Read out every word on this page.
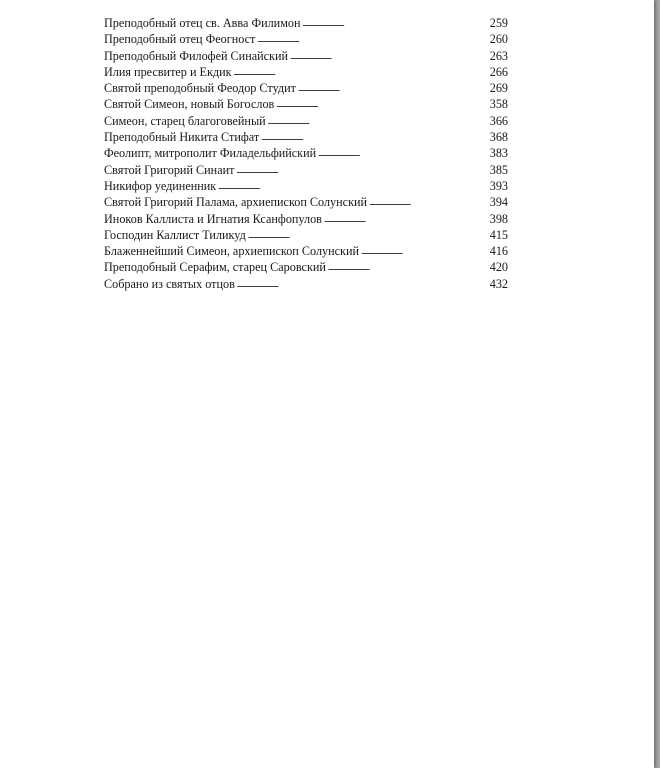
Преподобный отец св. Авва Филимон . . .	259
Преподобный отец Феогност . . .	260
Преподобный Филофей Синайский . . .	263
Илия пресвитер и Екдик . . .	266
Святой преподобный Феодор Студит . . .	269
Святой Симеон, новый Богослов . . .	358
Симеон, старец благоговейный . . .	366
Преподобный Никита Стифат . . .	368
Феолипт, митрополит Филадельфийский . . .	383
Святой Григорий Синаит . . .	385
Никифор уединенник . . .	393
Святой Григорий Палама, архиепископ Солунский . . .	394
Иноков Каллиста и Игнатия Ксанфопулов . . .	398
Господин Каллист Тиликуд . . .	415
Блаженнейший Симеон, архиепископ Солунский . . .	416
Преподобный Серафим, старец Саровский . . .	420
Собрано из святых отцов . . .	432
